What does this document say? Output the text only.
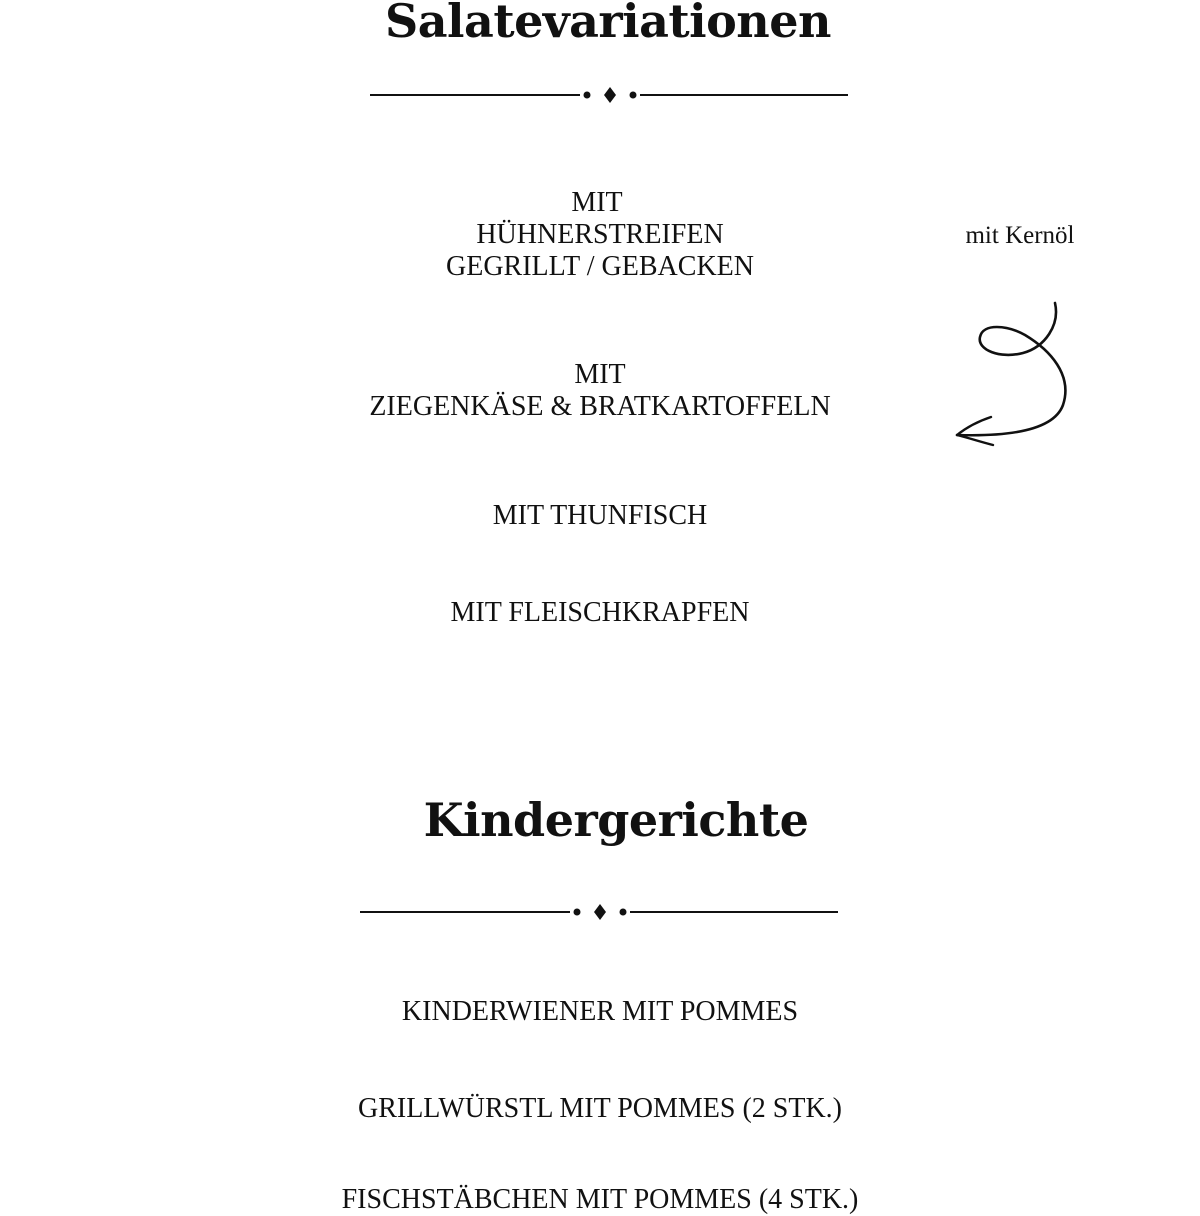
Salatevariationen
MIT
HÜHNERSTREIFEN
GEGRILLT / GEBACKEN
MIT
ZIEGENKÄSE & BRATKARTOFFELN
MIT THUNFISCH
MIT FLEISCHKRAPFEN
mit Kernöl
Kindergerichte
KINDERWIENER MIT POMMES
GRILLWÜRSTL MIT POMMES (2 STK.)
FISCHSTÄBCHEN MIT POMMES (4 STK.)
